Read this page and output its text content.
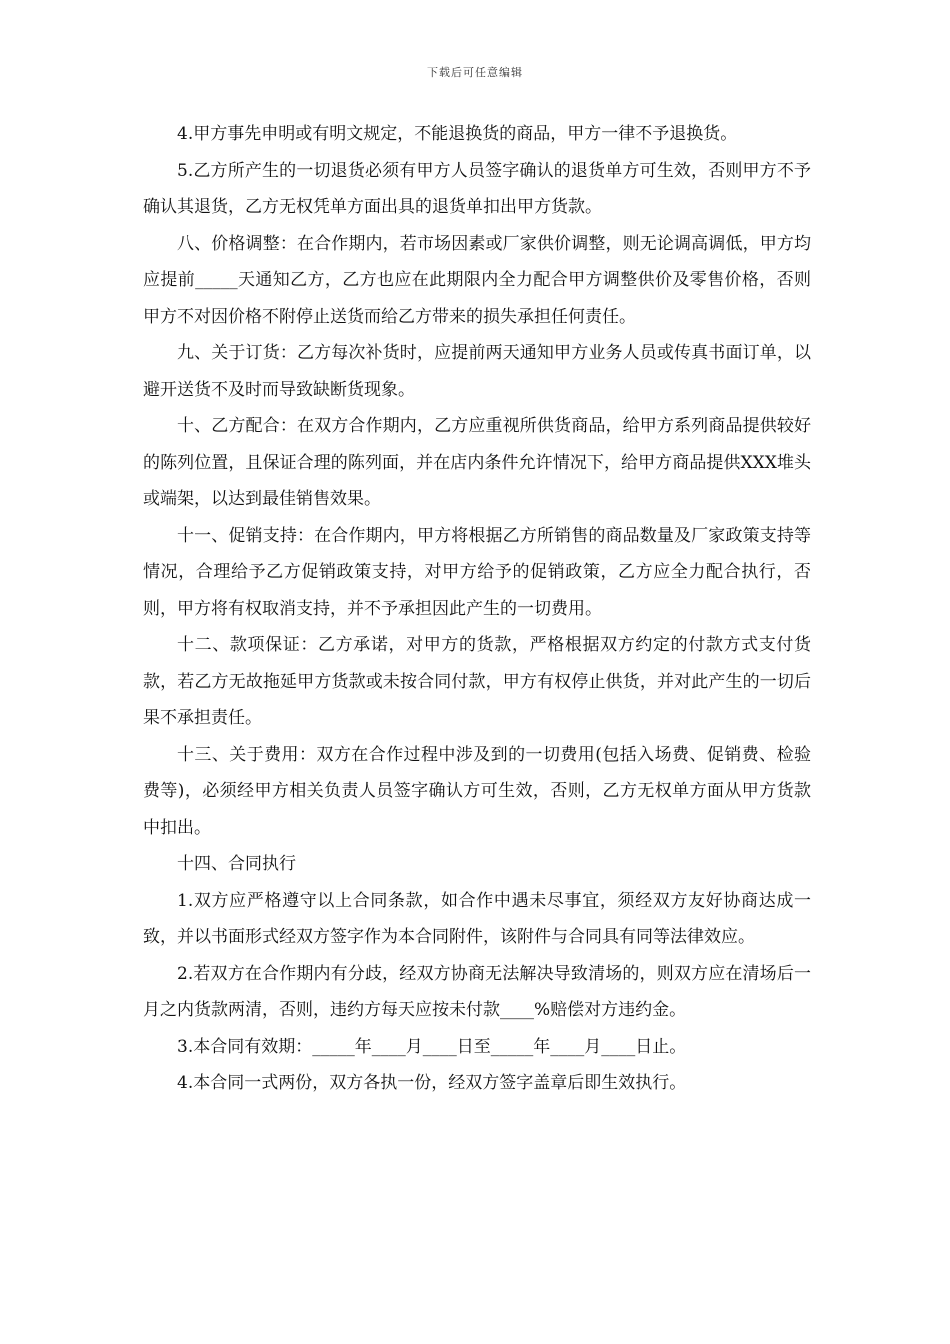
下载后可任意编辑

4.甲方事先申明或有明文规定，不能退换货的商品，甲方一律不予退换货。

5.乙方所产生的一切退货必须有甲方人员签字确认的退货单方可生效，否则甲方不予确认其退货，乙方无权凭单方面出具的退货单扣出甲方货款。

八、价格调整：在合作期内，若市场因素或厂家供价调整，则无论调高调低，甲方均应提前_____天通知乙方，乙方也应在此期限内全力配合甲方调整供价及零售价格，否则甲方不对因价格不附停止送货而给乙方带来的损失承担任何责任。

九、关于订货：乙方每次补货时，应提前两天通知甲方业务人员或传真书面订单，以避开送货不及时而导致缺断货现象。

十、乙方配合：在双方合作期内，乙方应重视所供货商品，给甲方系列商品提供较好的陈列位置，且保证合理的陈列面，并在店内条件允许情况下，给甲方商品提供XXX堆头或端架，以达到最佳销售效果。

十一、促销支持：在合作期内，甲方将根据乙方所销售的商品数量及厂家政策支持等情况，合理给予乙方促销政策支持，对甲方给予的促销政策，乙方应全力配合执行，否则，甲方将有权取消支持，并不予承担因此产生的一切费用。

十二、款项保证：乙方承诺，对甲方的货款，严格根据双方约定的付款方式支付货款，若乙方无故拖延甲方货款或未按合同付款，甲方有权停止供货，并对此产生的一切后果不承担责任。

十三、关于费用：双方在合作过程中涉及到的一切费用(包括入场费、促销费、检验费等)，必须经甲方相关负责人员签字确认方可生效，否则，乙方无权单方面从甲方货款中扣出。

十四、合同执行

1.双方应严格遵守以上合同条款，如合作中遇未尽事宜，须经双方友好协商达成一致，并以书面形式经双方签字作为本合同附件，该附件与合同具有同等法律效应。

2.若双方在合作期内有分歧，经双方协商无法解决导致清场的，则双方应在清场后一月之内货款两清，否则，违约方每天应按未付款____%赔偿对方违约金。

3.本合同有效期：_____年____月____日至_____年____月____日止。

4.本合同一式两份，双方各执一份，经双方签字盖章后即生效执行。
